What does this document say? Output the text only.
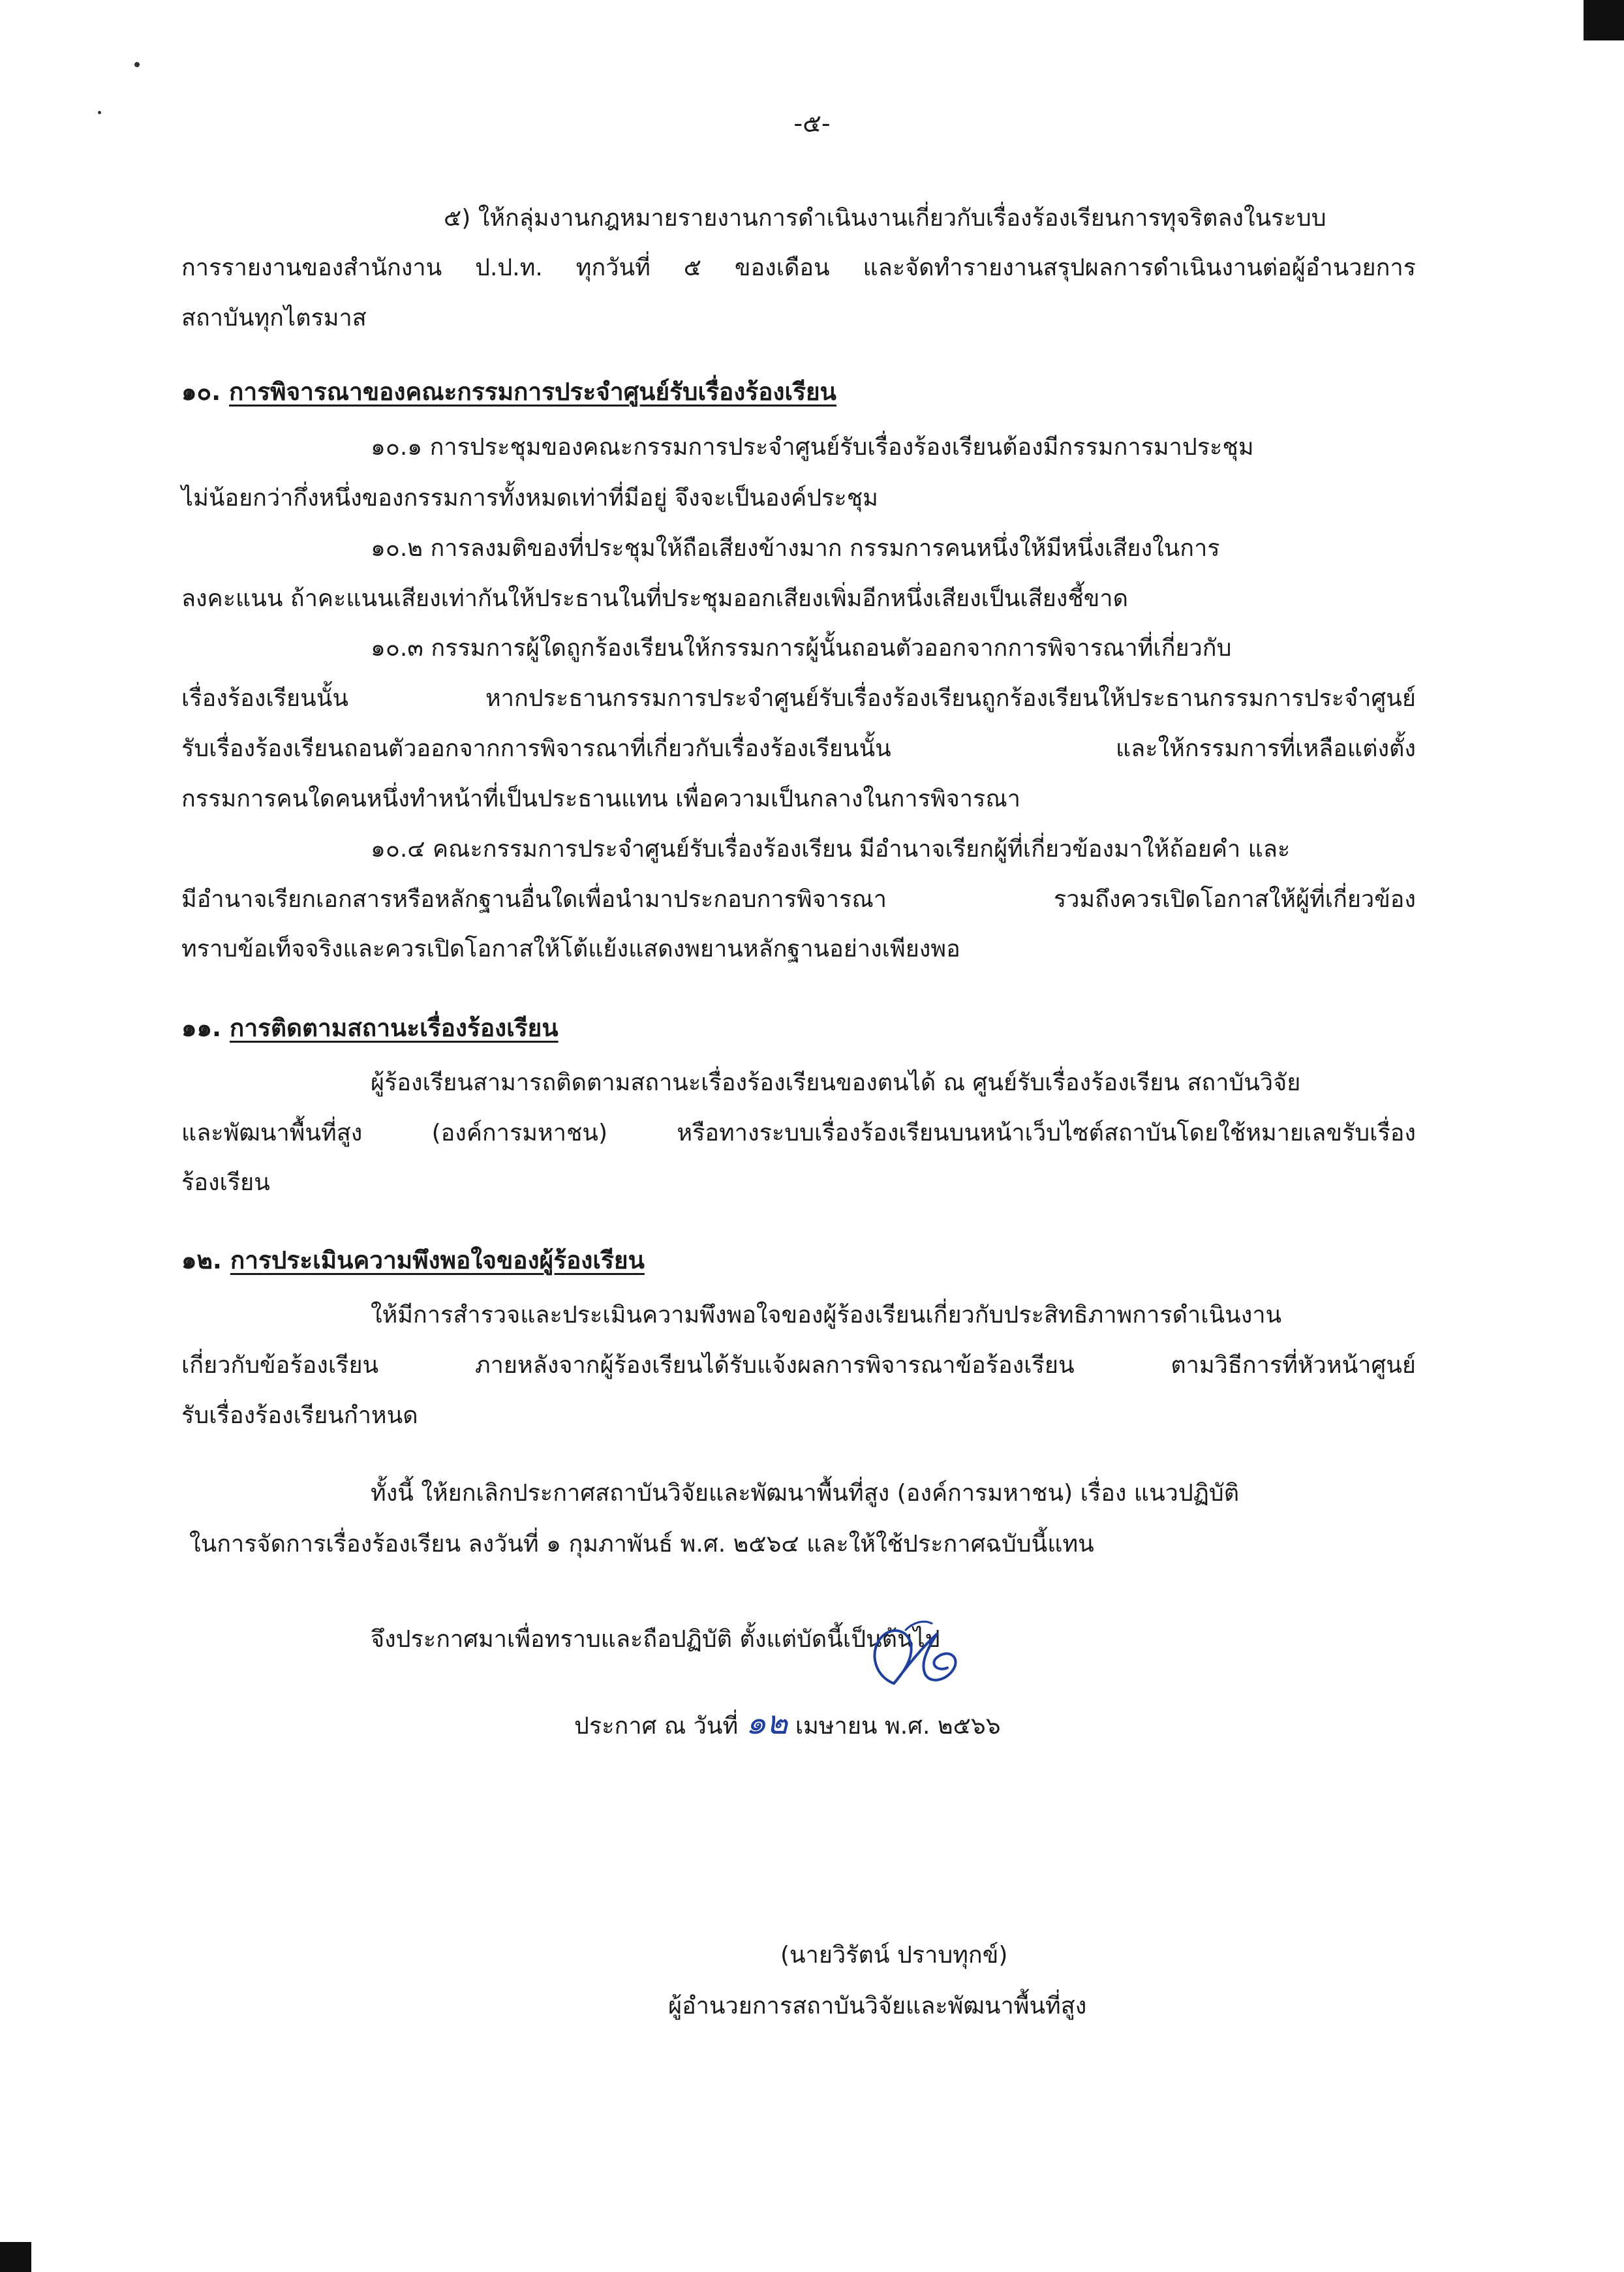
-๕-
๕) ให้กลุ่มงานกฎหมายรายงานการดำเนินงานเกี่ยวกับเรื่องร้องเรียนการทุจริตลงในระบบ
การรายงานของสำนักงาน ป.ป.ท. ทุกวันที่ ๕ ของเดือน และจัดทำรายงานสรุปผลการดำเนินงานต่อผู้อำนวยการ
สถาบันทุกไตรมาส
๑๐. การพิจารณาของคณะกรรมการประจำศูนย์รับเรื่องร้องเรียน
๑๐.๑ การประชุมของคณะกรรมการประจำศูนย์รับเรื่องร้องเรียนต้องมีกรรมการมาประชุม
ไม่น้อยกว่ากึ่งหนึ่งของกรรมการทั้งหมดเท่าที่มีอยู่ จึงจะเป็นองค์ประชุม
๑๐.๒ การลงมติของที่ประชุมให้ถือเสียงข้างมาก กรรมการคนหนึ่งให้มีหนึ่งเสียงในการ
ลงคะแนน ถ้าคะแนนเสียงเท่ากันให้ประธานในที่ประชุมออกเสียงเพิ่มอีกหนึ่งเสียงเป็นเสียงชี้ขาด
๑๐.๓ กรรมการผู้ใดถูกร้องเรียนให้กรรมการผู้นั้นถอนตัวออกจากการพิจารณาที่เกี่ยวกับ
เรื่องร้องเรียนนั้น หากประธานกรรมการประจำศูนย์รับเรื่องร้องเรียนถูกร้องเรียนให้ประธานกรรมการประจำศูนย์
รับเรื่องร้องเรียนถอนตัวออกจากการพิจารณาที่เกี่ยวกับเรื่องร้องเรียนนั้น และให้กรรมการที่เหลือแต่งตั้ง
กรรมการคนใดคนหนึ่งทำหน้าที่เป็นประธานแทน เพื่อความเป็นกลางในการพิจารณา
๑๐.๔ คณะกรรมการประจำศูนย์รับเรื่องร้องเรียน มีอำนาจเรียกผู้ที่เกี่ยวข้องมาให้ถ้อยคำ และ
มีอำนาจเรียกเอกสารหรือหลักฐานอื่นใดเพื่อนำมาประกอบการพิจารณา รวมถึงควรเปิดโอกาสให้ผู้ที่เกี่ยวข้อง
ทราบข้อเท็จจริงและควรเปิดโอกาสให้โต้แย้งแสดงพยานหลักฐานอย่างเพียงพอ
๑๑. การติดตามสถานะเรื่องร้องเรียน
ผู้ร้องเรียนสามารถติดตามสถานะเรื่องร้องเรียนของตนได้ ณ ศูนย์รับเรื่องร้องเรียน สถาบันวิจัย
และพัฒนาพื้นที่สูง (องค์การมหาชน) หรือทางระบบเรื่องร้องเรียนบนหน้าเว็บไซต์สถาบันโดยใช้หมายเลขรับเรื่อง
ร้องเรียน
๑๒. การประเมินความพึงพอใจของผู้ร้องเรียน
ให้มีการสำรวจและประเมินความพึงพอใจของผู้ร้องเรียนเกี่ยวกับประสิทธิภาพการดำเนินงาน
เกี่ยวกับข้อร้องเรียน ภายหลังจากผู้ร้องเรียนได้รับแจ้งผลการพิจารณาข้อร้องเรียน ตามวิธีการที่หัวหน้าศูนย์
รับเรื่องร้องเรียนกำหนด
ทั้งนี้ ให้ยกเลิกประกาศสถาบันวิจัยและพัฒนาพื้นที่สูง (องค์การมหาชน) เรื่อง แนวปฏิบัติ
ในการจัดการเรื่องร้องเรียน ลงวันที่ ๑ กุมภาพันธ์ พ.ศ. ๒๕๖๔ และให้ใช้ประกาศฉบับนี้แทน
จึงประกาศมาเพื่อทราบและถือปฏิบัติ ตั้งแต่บัดนี้เป็นต้นไป
ประกาศ ณ วันที่ ๑๒ เมษายน พ.ศ. ๒๕๖๖
(นายวิรัตน์ ปราบทุกข์)
ผู้อำนวยการสถาบันวิจัยและพัฒนาพื้นที่สูง
